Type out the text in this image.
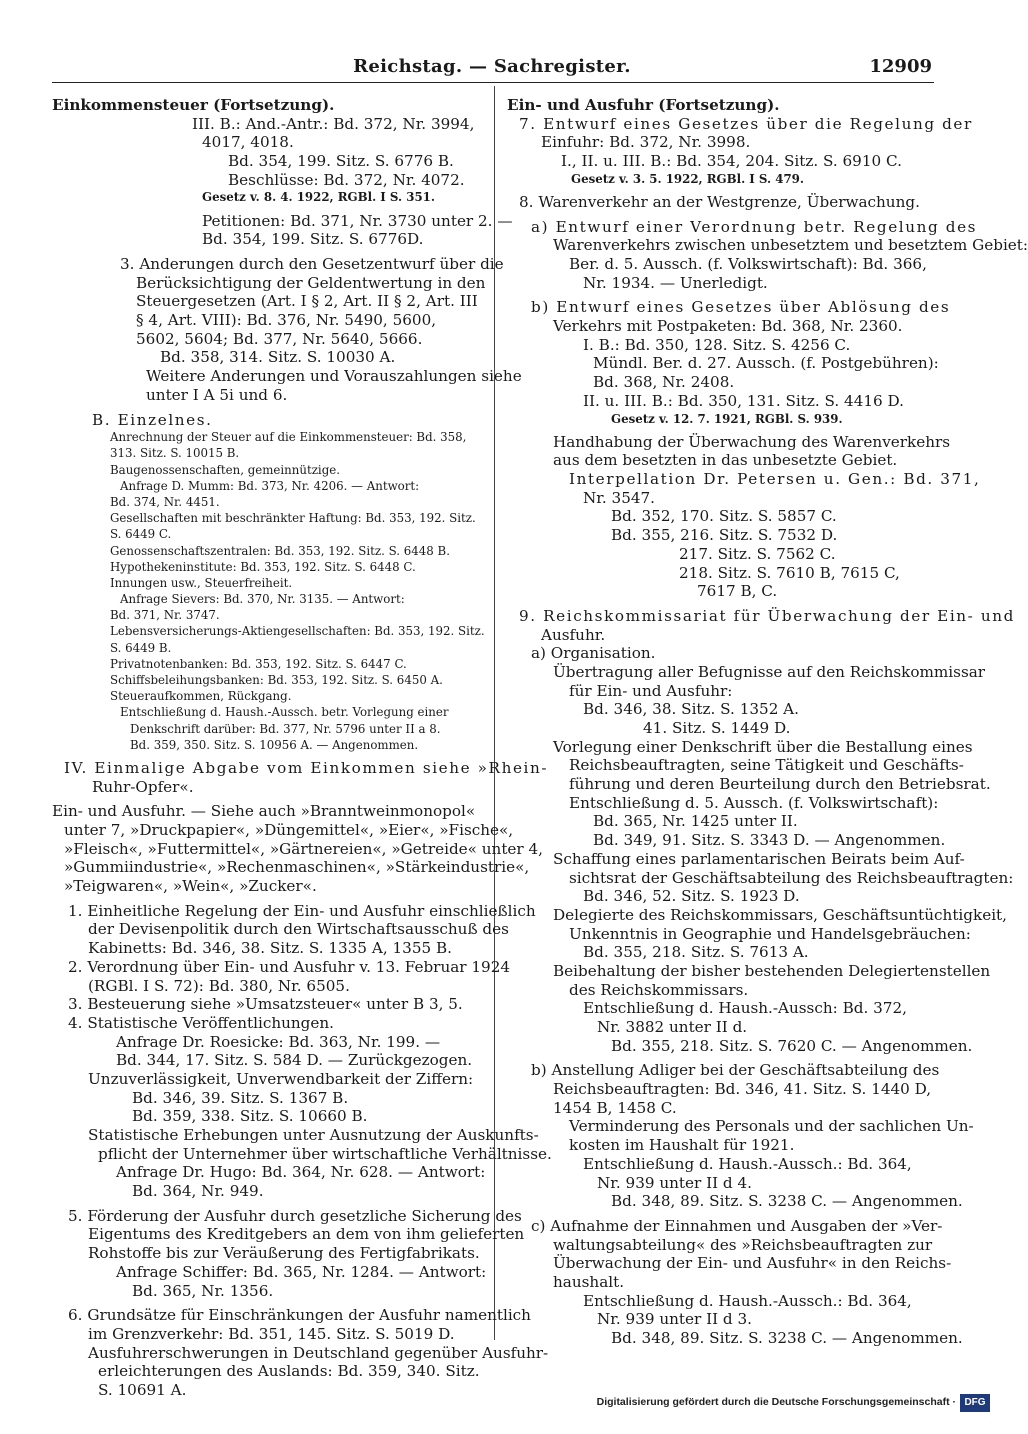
Reichstag. — Sachregister.	12909
Einkommensteuer (Fortsetzung).
III. B.: And.-Antr.: Bd. 372, Nr. 3994,
4017, 4018.
Bd. 354, 199. Sitz. S. 6776 B.
Beschlüsse: Bd. 372, Nr. 4072.
Gesetz v. 8. 4. 1922, RGBl. I S. 351.
Petitionen: Bd. 371, Nr. 3730 unter 2. —
Bd. 354, 199. Sitz. S. 6776D.
3. Anderungen durch den Gesetzentwurf über die
Berücksichtigung der Geldentwertung in den
Steuergesetzen (Art. I § 2, Art. II § 2, Art. III
§ 4, Art. VIII): Bd. 376, Nr. 5490, 5600,
5602, 5604; Bd. 377, Nr. 5640, 5666.
Bd. 358, 314. Sitz. S. 10030 A.
Weitere Anderungen und Vorauszahlungen siehe
unter I A 5i und 6.
B. Einzelnes.
Anrechnung der Steuer auf die Einkommensteuer: Bd. 358,
313. Sitz. S. 10015 B.
Baugenossenschaften, gemeinnützige.
Anfrage D. Mumm: Bd. 373, Nr. 4206. — Antwort:
Bd. 374, Nr. 4451.
Gesellschaften mit beschränkter Haftung: Bd. 353, 192. Sitz.
S. 6449 C.
Genossenschaftszentralen: Bd. 353, 192. Sitz. S. 6448 B.
Hypothekeninstitute: Bd. 353, 192. Sitz. S. 6448 C.
Innungen usw., Steuerfreiheit.
Anfrage Sievers: Bd. 370, Nr. 3135. — Antwort:
Bd. 371, Nr. 3747.
Lebensversicherungs-Aktiengesellschaften: Bd. 353, 192. Sitz.
S. 6449 B.
Privatnotenbanken: Bd. 353, 192. Sitz. S. 6447 C.
Schiffsbeleihungsbanken: Bd. 353, 192. Sitz. S. 6450 A.
Steueraufkommen, Rückgang.
Entschließung d. Haush.-Aussch. betr. Vorlegung einer
Denkschrift darüber: Bd. 377, Nr. 5796 unter II a 8.
Bd. 359, 350. Sitz. S. 10956 A. — Angenommen.
IV. Einmalige Abgabe vom Einkommen siehe »Rhein-
Ruhr-Opfer«.
Ein- und Ausfuhr. — Siehe auch »Branntweinmonopol«
unter 7, »Druckpapier«, »Düngemittel«, »Eier«, »Fische«,
»Fleisch«, »Futtermittel«, »Gärtnereien«, »Getreide« unter 4,
»Gummiindustrie«, »Rechenmaschinen«, »Stärkeindustrie«,
»Teigwaren«, »Wein«, »Zucker«.
1. Einheitliche Regelung der Ein- und Ausfuhr einschließlich
der Devisenpolitik durch den Wirtschaftsausschuß des
Kabinetts: Bd. 346, 38. Sitz. S. 1335 A, 1355 B.
2. Verordnung über Ein- und Ausfuhr v. 13. Februar 1924
(RGBl. I S. 72): Bd. 380, Nr. 6505.
3. Besteuerung siehe »Umsatzsteuer« unter B 3, 5.
4. Statistische Veröffentlichungen.
Anfrage Dr. Roesicke: Bd. 363, Nr. 199. —
Bd. 344, 17. Sitz. S. 584 D. — Zurückgezogen.
Unzuverlässigkeit, Unverwendbarkeit der Ziffern:
Bd. 346, 39. Sitz. S. 1367 B.
Bd. 359, 338. Sitz. S. 10660 B.
Statistische Erhebungen unter Ausnutzung der Auskunfts-
pflicht der Unternehmer über wirtschaftliche Verhältnisse.
Anfrage Dr. Hugo: Bd. 364, Nr. 628. — Antwort:
Bd. 364, Nr. 949.
5. Förderung der Ausfuhr durch gesetzliche Sicherung des
Eigentums des Kreditgebers an dem von ihm gelieferten
Rohstoffe bis zur Veräußerung des Fertigfabrikats.
Anfrage Schiffer: Bd. 365, Nr. 1284. — Antwort:
Bd. 365, Nr. 1356.
6. Grundsätze für Einschränkungen der Ausfuhr namentlich
im Grenzverkehr: Bd. 351, 145. Sitz. S. 5019 D.
Ausfuhrerschwerungen in Deutschland gegenüber Ausfuhr-
erleichterungen des Auslands: Bd. 359, 340. Sitz.
S. 10691 A.
Ein- und Ausfuhr (Fortsetzung).
7. Entwurf eines Gesetzes über die Regelung der
Einfuhr: Bd. 372, Nr. 3998.
I., II. u. III. B.: Bd. 354, 204. Sitz. S. 6910 C.
Gesetz v. 3. 5. 1922, RGBl. I S. 479.
8. Warenverkehr an der Westgrenze, Überwachung.
a) Entwurf einer Verordnung betr. Regelung des
Warenverkehrs zwischen unbesetztem und besetztem Gebiet:
Ber. d. 5. Aussch. (f. Volkswirtschaft): Bd. 366,
Nr. 1934. — Unerledigt.
b) Entwurf eines Gesetzes über Ablösung des
Verkehrs mit Postpaketen: Bd. 368, Nr. 2360.
I. B.: Bd. 350, 128. Sitz. S. 4256 C.
Mündl. Ber. d. 27. Aussch. (f. Postgebühren):
Bd. 368, Nr. 2408.
II. u. III. B.: Bd. 350, 131. Sitz. S. 4416 D.
Gesetz v. 12. 7. 1921, RGBl. S. 939.
Handhabung der Überwachung des Warenverkehrs
aus dem besetzten in das unbesetzte Gebiet.
Interpellation Dr. Petersen u. Gen.: Bd. 371,
Nr. 3547.
Bd. 352, 170. Sitz. S. 5857 C.
Bd. 355, 216. Sitz. S. 7532 D.
217. Sitz. S. 7562 C.
218. Sitz. S. 7610 B, 7615 C,
7617 B, C.
9. Reichskommissariat für Überwachung der Ein- und
Ausfuhr.
a) Organisation.
Übertragung aller Befugnisse auf den Reichskommissar
für Ein- und Ausfuhr:
Bd. 346, 38. Sitz. S. 1352 A.
41. Sitz. S. 1449 D.
Vorlegung einer Denkschrift über die Bestallung eines
Reichsbeauftragten, seine Tätigkeit und Geschäfts-
führung und deren Beurteilung durch den Betriebsrat.
Entschließung d. 5. Aussch. (f. Volkswirtschaft):
Bd. 365, Nr. 1425 unter II.
Bd. 349, 91. Sitz. S. 3343 D. — Angenommen.
Schaffung eines parlamentarischen Beirats beim Auf-
sichtsrat der Geschäftsabteilung des Reichsbeauftragten:
Bd. 346, 52. Sitz. S. 1923 D.
Delegierte des Reichskommissars, Geschäftsuntüchtigkeit,
Unkenntnis in Geographie und Handelsgebräuchen:
Bd. 355, 218. Sitz. S. 7613 A.
Beibehaltung der bisher bestehenden Delegiertenstellen
des Reichskommissars.
Entschließung d. Haush.-Aussch: Bd. 372,
Nr. 3882 unter II d.
Bd. 355, 218. Sitz. S. 7620 C. — Angenommen.
b) Anstellung Adliger bei der Geschäftsabteilung des
Reichsbeauftragten: Bd. 346, 41. Sitz. S. 1440 D,
1454 B, 1458 C.
Verminderung des Personals und der sachlichen Un-
kosten im Haushalt für 1921.
Entschließung d. Haush.-Aussch.: Bd. 364,
Nr. 939 unter II d 4.
Bd. 348, 89. Sitz. S. 3238 C. — Angenommen.
c) Aufnahme der Einnahmen und Ausgaben der »Ver-
waltungsabteilung« des »Reichsbeauftragten zur
Überwachung der Ein- und Ausfuhr« in den Reichs-
haushalt.
Entschließung d. Haush.-Aussch.: Bd. 364,
Nr. 939 unter II d 3.
Bd. 348, 89. Sitz. S. 3238 C. — Angenommen.
Digitalisierung gefördert durch die Deutsche Forschungsgemeinschaft · DFG
